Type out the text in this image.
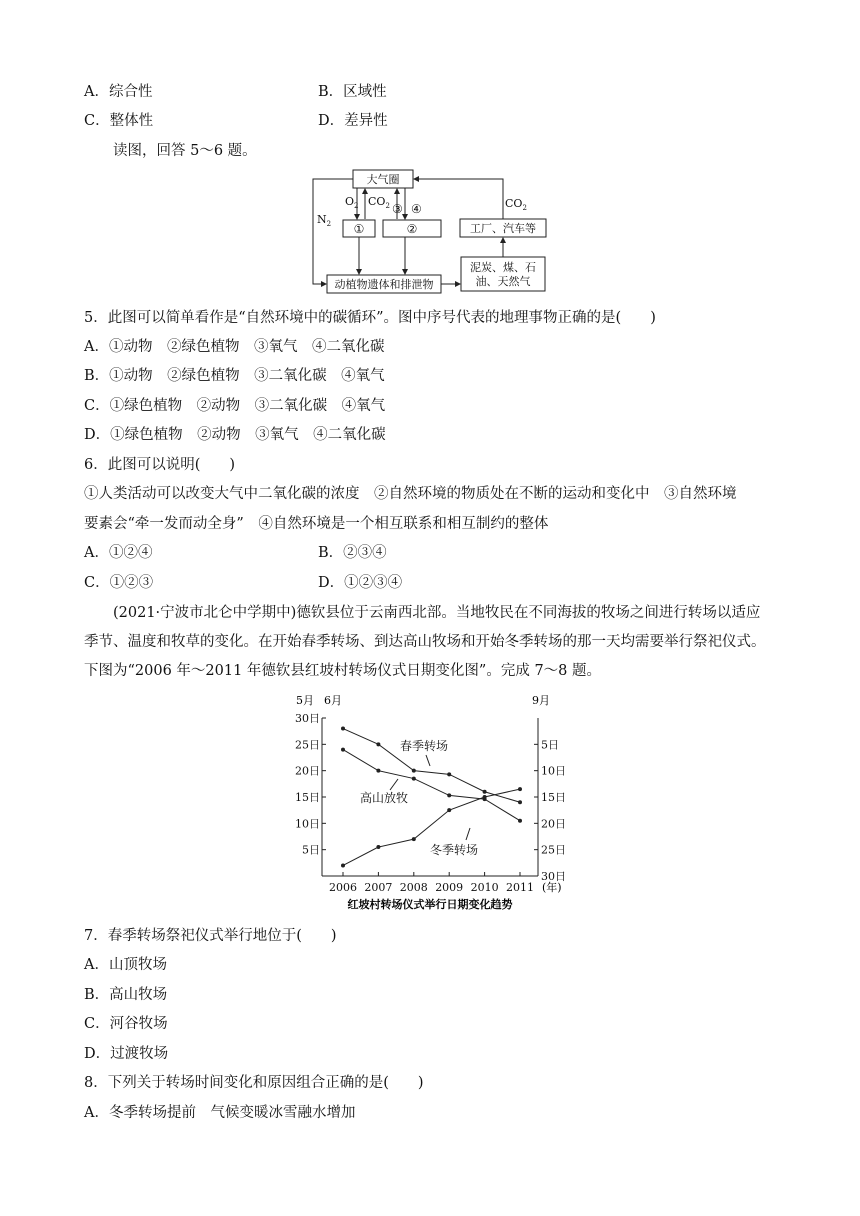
A．综合性	B．区域性
C．整体性	D．差异性
读图，回答 5～6 题。
大气圈
$O_2$ $CO_2$ ③ ④
$N_2$
$CO_2$
①	②	工厂、汽车等
动植物遗体和排泄物
泥炭、煤、石
油、天然气
5．此图可以简单看作是“自然环境中的碳循环”。图中序号代表的地理事物正确的是(　　)
A．①动物　②绿色植物　③氧气　④二氧化碳
B．①动物　②绿色植物　③二氧化碳　④氧气
C．①绿色植物　②动物　③二氧化碳　④氧气
D．①绿色植物　②动物　③氧气　④二氧化碳
6．此图可以说明(　　)
①人类活动可以改变大气中二氧化碳的浓度　②自然环境的物质处在不断的运动和变化中　③自然环境
要素会“牵一发而动全身”　④自然环境是一个相互联系和相互制约的整体
A．①②④	B．②③④
C．①②③	D．①②③④
(2021·宁波市北仑中学期中)德钦县位于云南西北部。当地牧民在不同海拔的牧场之间进行转场以适应
季节、温度和牧草的变化。在开始春季转场、到达高山牧场和开始冬季转场的那一天均需要举行祭祀仪式。
下图为“2006 年～2011 年德钦县红坡村转场仪式日期变化图”。完成 7～8 题。
5日
10日
15日
20日
25日
30日
5日
10日
15日
20日
25日
30日
2006 2007 2008 2009 2010 2011
春季转场
高山放牧
冬季转场
5月 6月	9月
(年)
红坡村转场仪式举行日期变化趋势
7．春季转场祭祀仪式举行地位于(　　)
A．山顶牧场
B．高山牧场
C．河谷牧场
D．过渡牧场
8．下列关于转场时间变化和原因组合正确的是(　　)
A．冬季转场提前　气候变暖冰雪融水增加
